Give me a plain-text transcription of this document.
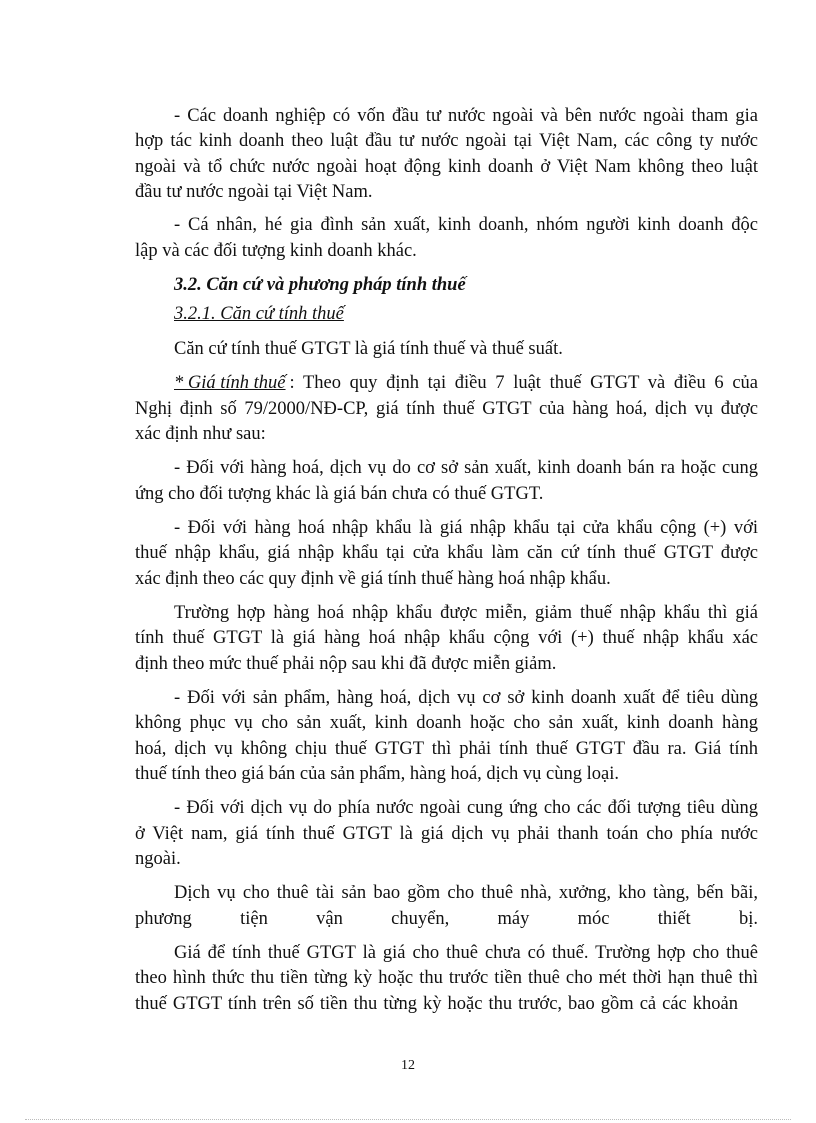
- Các doanh nghiệp có vốn đầu tư nước ngoài và bên nước ngoài tham gia
hợp tác kinh doanh theo luật đầu tư nước ngoài tại Việt Nam, các công ty nước
ngoài và tổ chức nước ngoài hoạt động kinh doanh ở Việt Nam không theo luật
đầu tư nước ngoài tại Việt Nam.
- Cá nhân, hé gia đình sản xuất, kinh doanh, nhóm người kinh doanh độc
lập và các đối tượng kinh doanh khác.
3.2. Căn cứ và phương pháp tính thuế
3.2.1. Căn cứ tính thuế
Căn cứ tính thuế GTGT là giá tính thuế và thuế suất.
* Giá tính thuế : Theo quy định tại điều 7 luật thuế GTGT và điều 6 của
Nghị định số 79/2000/NĐ-CP, giá tính thuế GTGT của hàng hoá, dịch vụ được
xác định như sau:
- Đối với hàng hoá, dịch vụ do cơ sở sản xuất, kinh doanh bán ra hoặc cung
ứng cho đối tượng khác là giá bán chưa có thuế GTGT.
- Đối với hàng hoá nhập khẩu là giá nhập khẩu tại cửa khẩu cộng (+) với
thuế nhập khẩu, giá nhập khẩu tại cửa khẩu làm căn cứ tính thuế GTGT được
xác định theo các quy định về giá tính thuế hàng hoá nhập khẩu.
Trường hợp hàng hoá nhập khẩu được miễn, giảm thuế nhập khẩu thì giá
tính thuế GTGT là giá hàng hoá nhập khẩu cộng với (+) thuế nhập khẩu xác
định theo mức thuế phải nộp sau khi đã được miễn giảm.
- Đối với sản phẩm, hàng hoá, dịch vụ cơ sở kinh doanh xuất để tiêu dùng
không phục vụ cho sản xuất, kinh doanh hoặc cho sản xuất, kinh doanh hàng
hoá, dịch vụ không chịu thuế GTGT thì phải tính thuế GTGT đầu ra. Giá tính
thuế tính theo giá bán của sản phẩm, hàng hoá, dịch vụ cùng loại.
- Đối với dịch vụ do phía nước ngoài cung ứng cho các đối tượng tiêu dùng
ở Việt nam, giá tính thuế GTGT là giá dịch vụ phải thanh toán cho phía nước
ngoài.
Dịch vụ cho thuê tài sản bao gồm cho thuê nhà, xưởng, kho tàng, bến bãi,
phương tiện vận chuyển, máy móc thiết bị.
Giá để tính thuế GTGT là giá cho thuê chưa có thuế. Trường hợp cho thuê
theo hình thức thu tiền từng kỳ hoặc thu trước tiền thuê cho mét thời hạn thuê thì
thuế GTGT tính trên số tiền thu từng kỳ hoặc thu trước, bao gồm cả các khoản
12
